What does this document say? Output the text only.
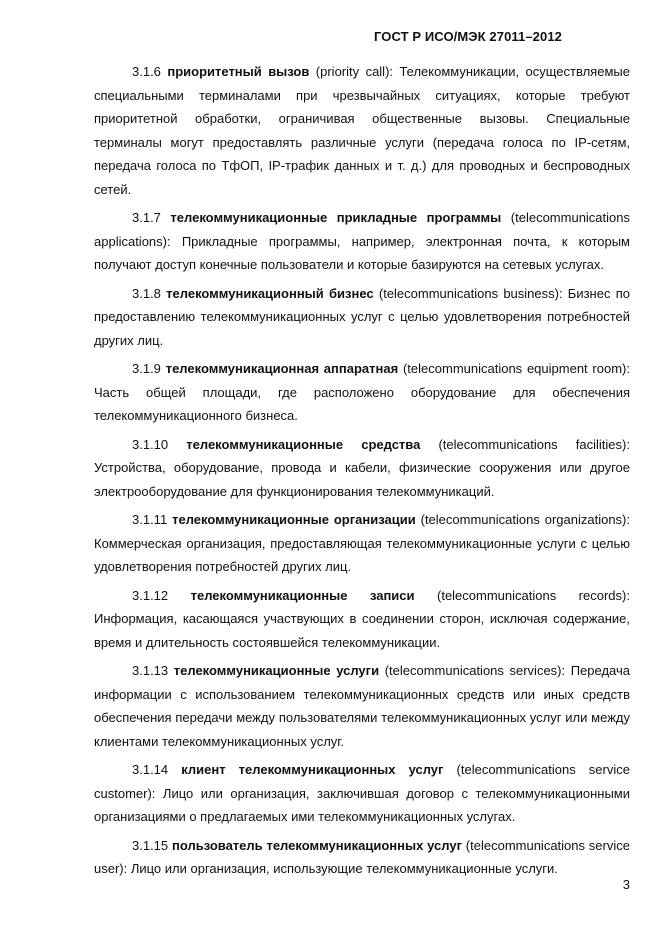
ГОСТ Р ИСО/МЭК 27011–2012

3.1.6 приоритетный вызов (priority call): Телекоммуникации, осуществляемые специальными терминалами при чрезвычайных ситуациях, которые требуют приоритетной обработки, ограничивая общественные вызовы. Специальные терминалы могут предоставлять различные услуги (передача голоса по IP-сетям, передача голоса по ТфОП, IP-трафик данных и т. д.) для проводных и беспроводных сетей.

3.1.7 телекоммуникационные прикладные программы (telecommunications applications): Прикладные программы, например, электронная почта, к которым получают доступ конечные пользователи и которые базируются на сетевых услугах.

3.1.8 телекоммуникационный бизнес (telecommunications business): Бизнес по предоставлению телекоммуникационных услуг с целью удовлетворения потребностей других лиц.

3.1.9 телекоммуникационная аппаратная (telecommunications equipment room): Часть общей площади, где расположено оборудование для обеспечения телекоммуникационного бизнеса.

3.1.10 телекоммуникационные средства (telecommunications facilities): Устройства, оборудование, провода и кабели, физические сооружения или другое электрооборудование для функционирования телекоммуникаций.

3.1.11 телекоммуникационные организации (telecommunications organizations): Коммерческая организация, предоставляющая телекоммуникационные услуги с целью удовлетворения потребностей других лиц.

3.1.12 телекоммуникационные записи (telecommunications records): Информация, касающаяся участвующих в соединении сторон, исключая содержание, время и длительность состоявшейся телекоммуникации.

3.1.13 телекоммуникационные услуги (telecommunications services): Передача информации с использованием телекоммуникационных средств или иных средств обеспечения передачи между пользователями телекоммуникационных услуг или между клиентами телекоммуникационных услуг.

3.1.14 клиент телекоммуникационных услуг (telecommunications service customer): Лицо или организация, заключившая договор с телекоммуникационными организациями о предлагаемых ими телекоммуникационных услугах.

3.1.15 пользователь телекоммуникационных услуг (telecommunications service user): Лицо или организация, использующие телекоммуникационные услуги.

3
